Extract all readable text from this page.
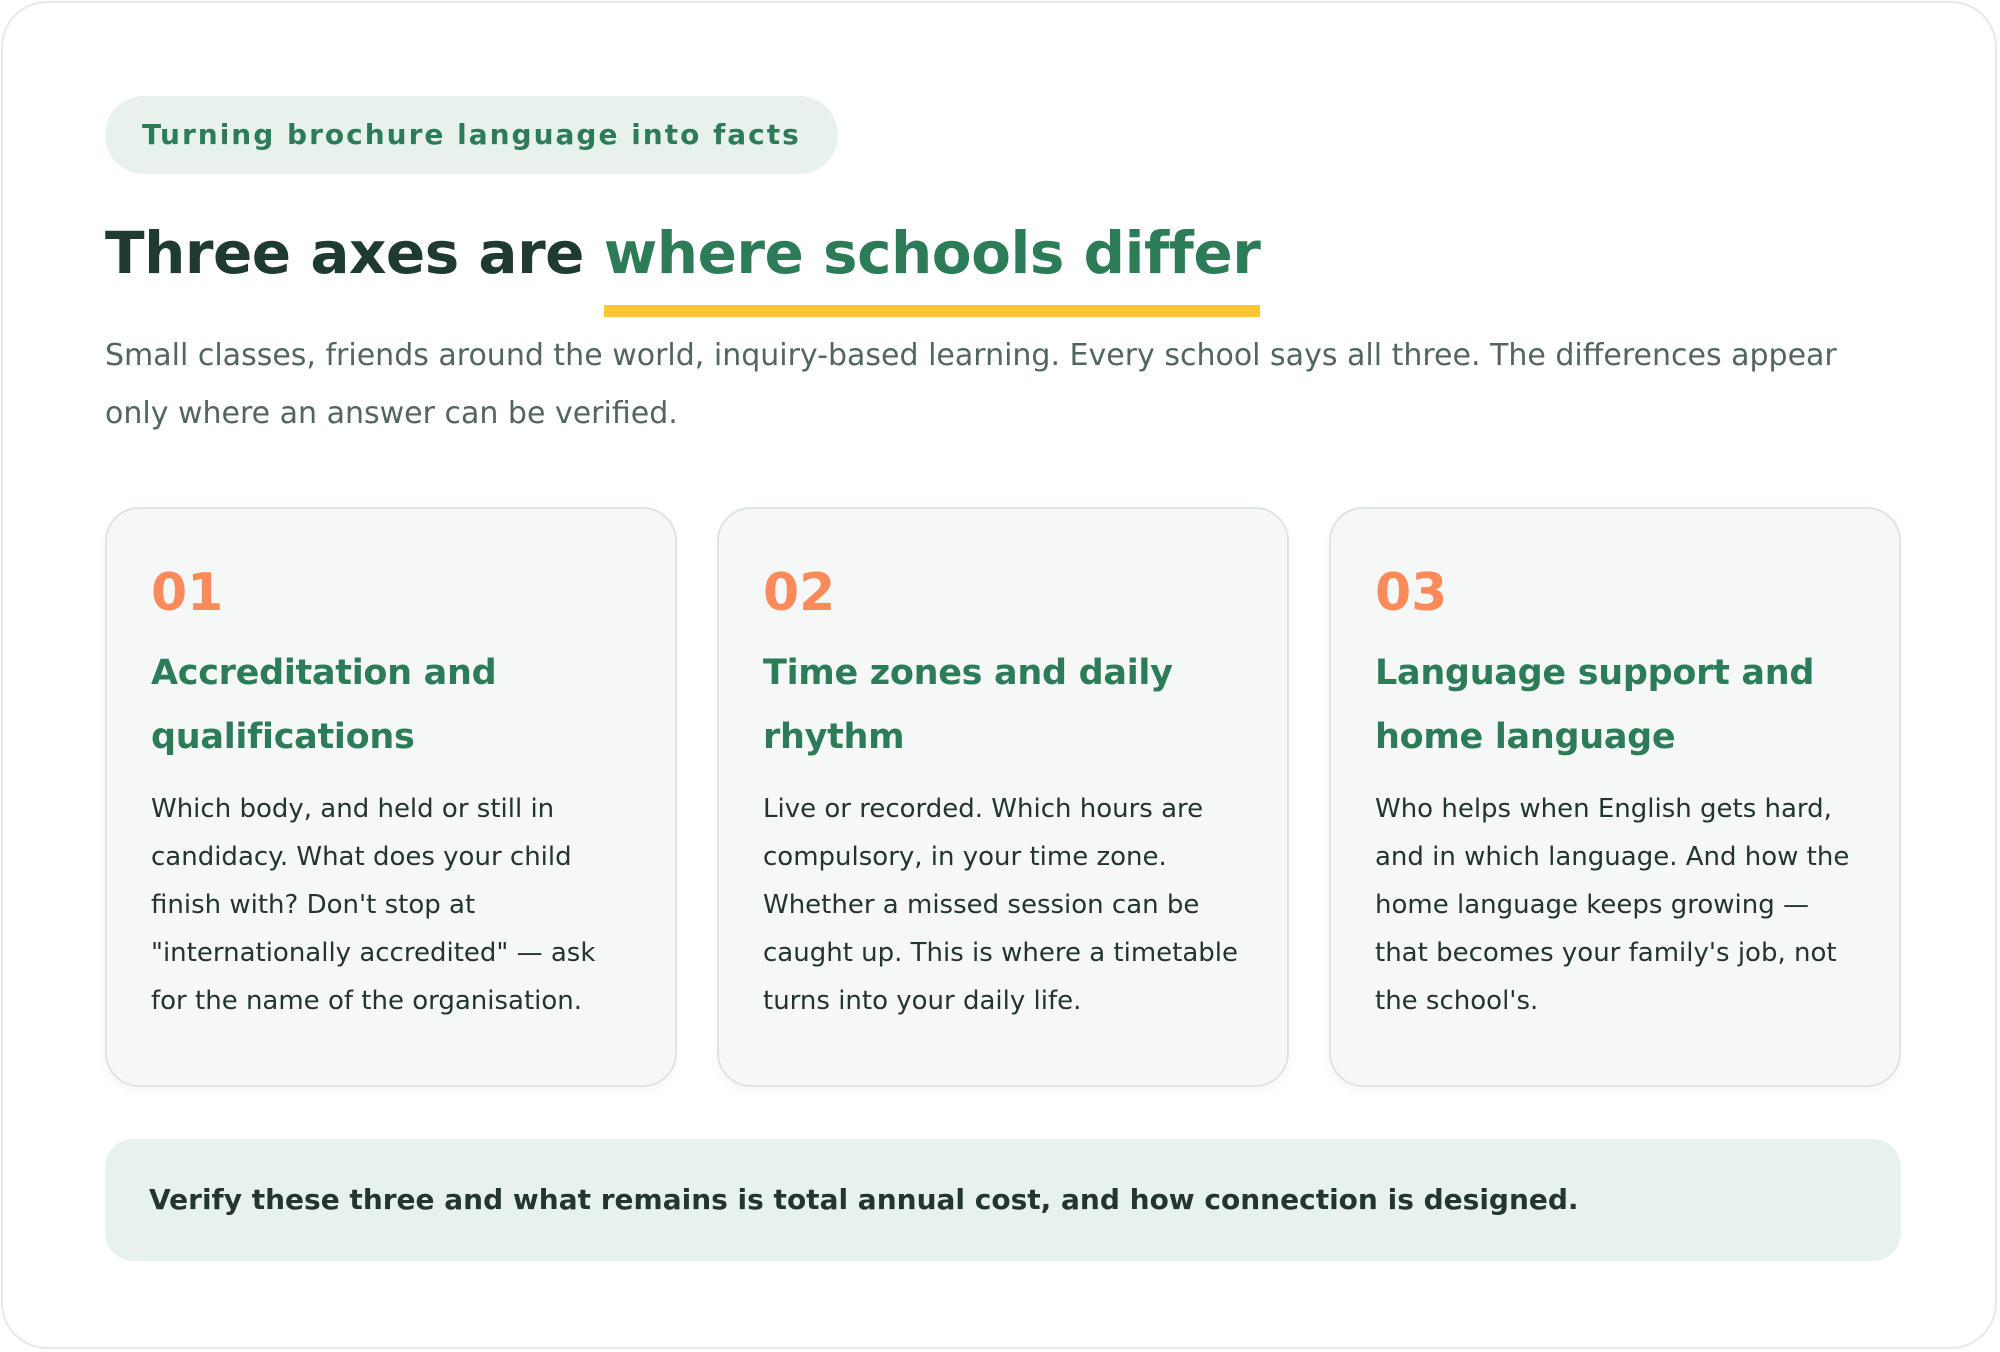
Turning brochure language into facts
Three axes are where schools differ

Small classes, friends around the world, inquiry-based learning. Every school says all three. The differences appear only where an answer can be verified.

01
Accreditation and qualifications

Which body, and held or still in candidacy. What does your child finish with? Don't stop at "internationally accredited" — ask for the name of the organisation.

02
Time zones and daily rhythm

Live or recorded. Which hours are compulsory, in your time zone. Whether a missed session can be caught up. This is where a timetable turns into your daily life.

03
Language support and home language

Who helps when English gets hard, and in which language. And how the home language keeps growing — that becomes your family's job, not the school's.

Verify these three and what remains is total annual cost, and how connection is designed.
